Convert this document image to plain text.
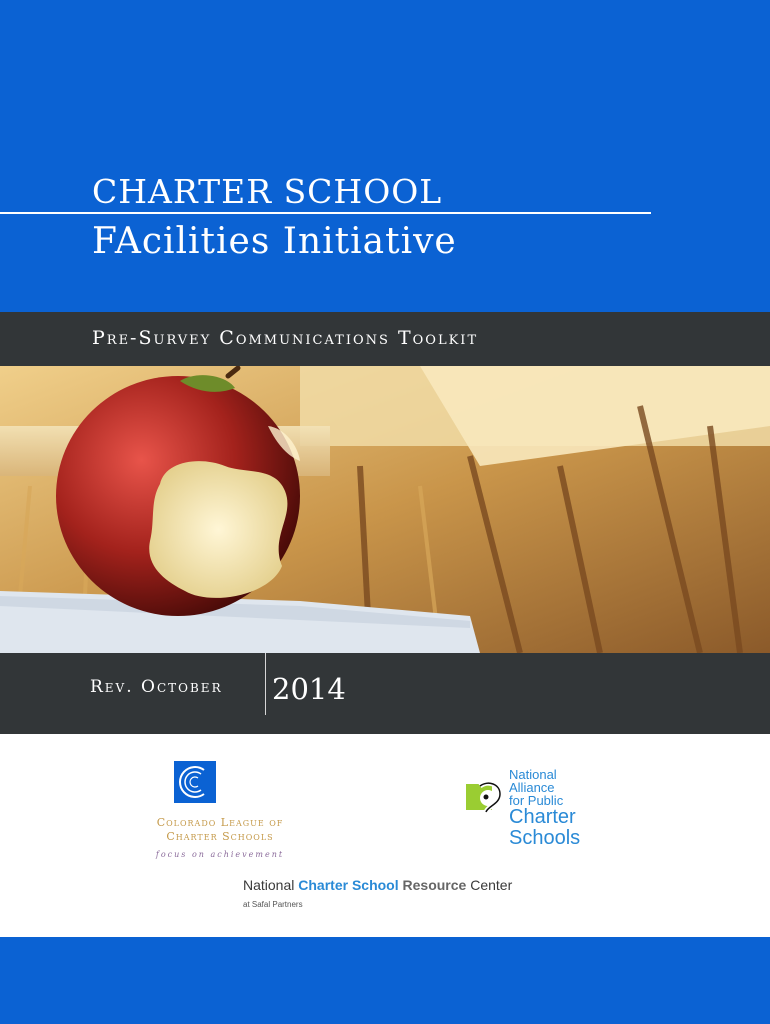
CHARTER SCHOOL
FAcilities Initiative
Pre-Survey Communications Toolkit
Rev. October 2014
Colorado League of
Charter Schools
focus on achievement
National
Alliance
for Public
Charter
Schools
National Charter School Resource Center
at Safal Partners
